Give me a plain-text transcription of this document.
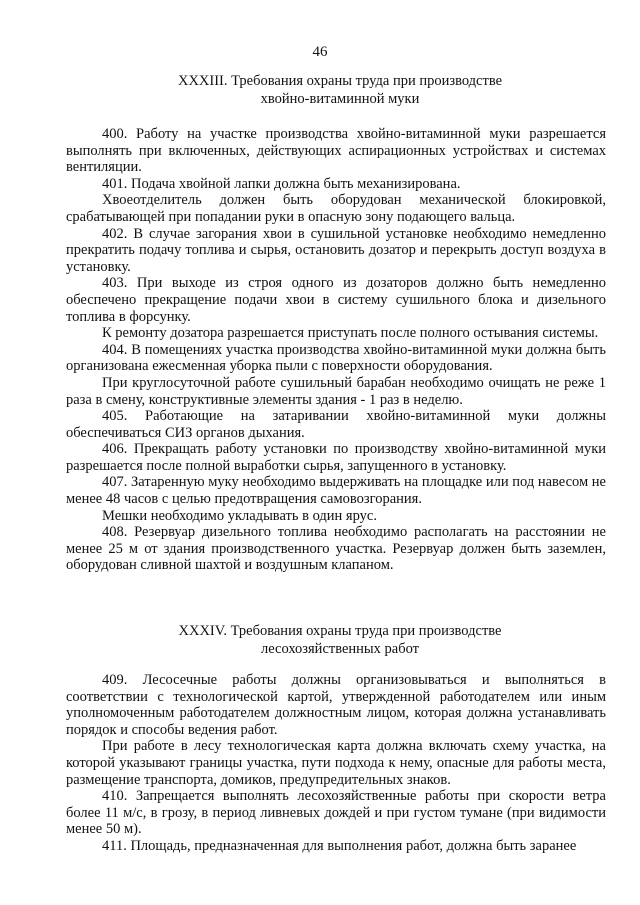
46
XXXIII. Требования охраны труда при производстве
хвойно-витаминной муки

400. Работу на участке производства хвойно-витаминной муки разрешается выполнять при включенных, действующих аспирационных устройствах и системах вентиляции.

401. Подача хвойной лапки должна быть механизирована.

Хвоеотделитель должен быть оборудован механической блокировкой, срабатывающей при попадании руки в опасную зону подающего вальца.

402. В случае загорания хвои в сушильной установке необходимо немедленно прекратить подачу топлива и сырья, остановить дозатор и перекрыть доступ воздуха в установку.

403. При выходе из строя одного из дозаторов должно быть немедленно обеспечено прекращение подачи хвои в систему сушильного блока и дизельного топлива в форсунку.

К ремонту дозатора разрешается приступать после полного остывания системы.

404. В помещениях участка производства хвойно-витаминной муки должна быть организована ежесменная уборка пыли с поверхности оборудования.

При круглосуточной работе сушильный барабан необходимо очищать не реже 1 раза в смену, конструктивные элементы здания - 1 раз в неделю.

405. Работающие на затаривании хвойно-витаминной муки должны обеспечиваться СИЗ органов дыхания.

406. Прекращать работу установки по производству хвойно-витаминной муки разрешается после полной выработки сырья, запущенного в установку.

407. Затаренную муку необходимо выдерживать на площадке или под навесом не менее 48 часов с целью предотвращения самовозгорания.

Мешки необходимо укладывать в один ярус.

408. Резервуар дизельного топлива необходимо располагать на расстоянии не менее 25 м от здания производственного участка. Резервуар должен быть заземлен, оборудован сливной шахтой и воздушным клапаном.

XXXIV. Требования охраны труда при производстве
лесохозяйственных работ

409. Лесосечные работы должны организовываться и выполняться в соответствии с технологической картой, утвержденной работодателем или иным уполномоченным работодателем должностным лицом, которая должна устанавливать порядок и способы ведения работ.

При работе в лесу технологическая карта должна включать схему участка, на которой указывают границы участка, пути подхода к нему, опасные для работы места, размещение транспорта, домиков, предупредительных знаков.

410. Запрещается выполнять лесохозяйственные работы при скорости ветра более 11 м/с, в грозу, в период ливневых дождей и при густом тумане (при видимости менее 50 м).

411. Площадь, предназначенная для выполнения работ, должна быть заранее
